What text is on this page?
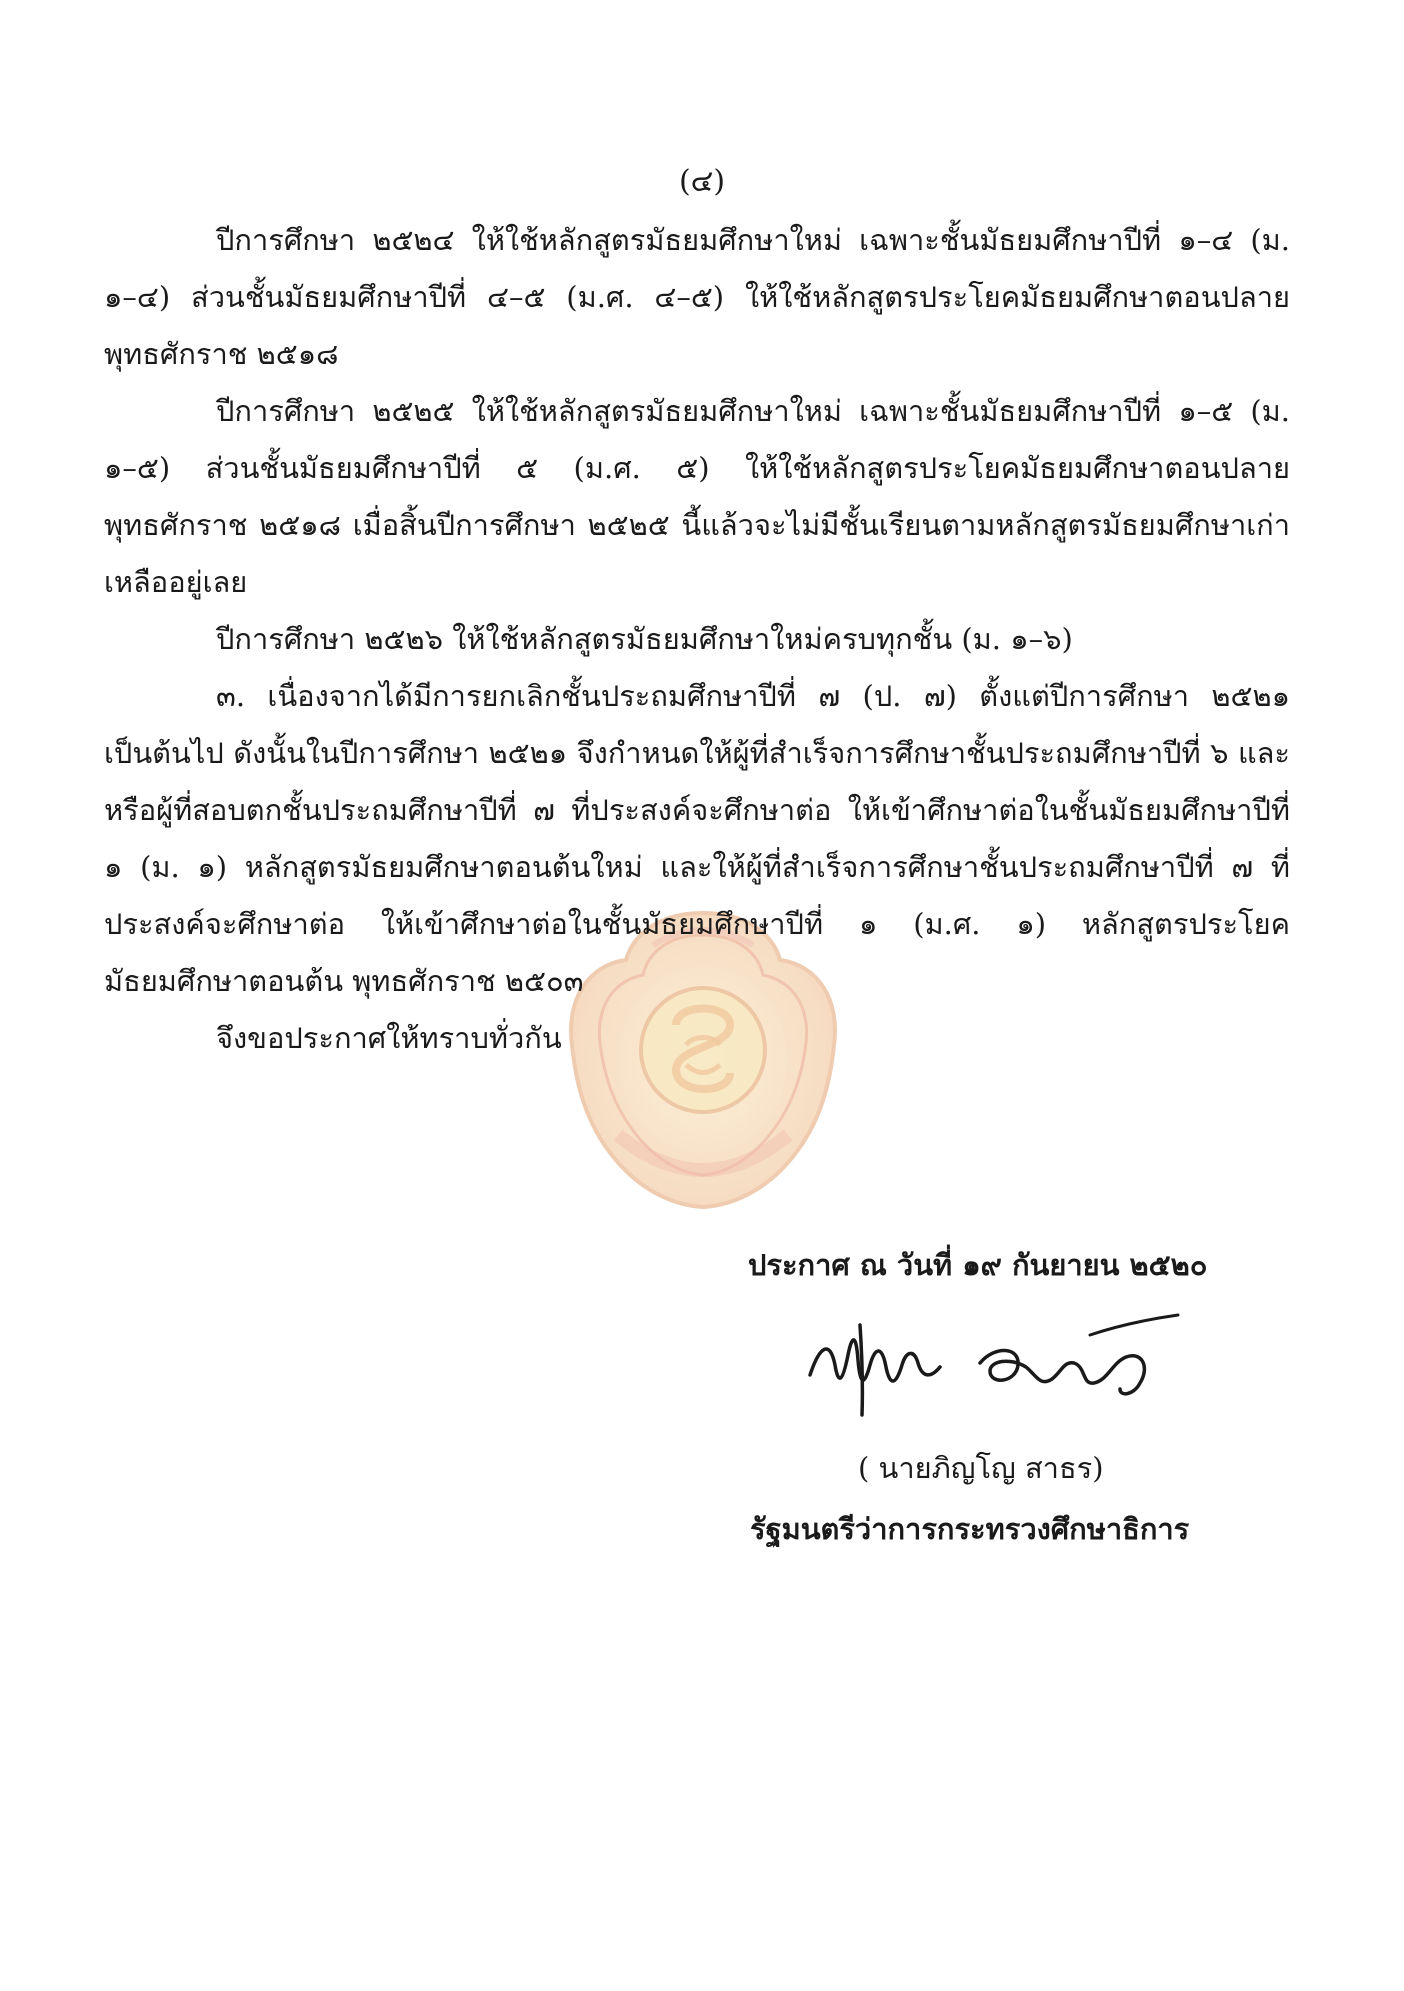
(๔)

ปีการศึกษา ๒๕๒๔ ให้ใช้หลักสูตรมัธยมศึกษาใหม่ เฉพาะชั้นมัธยมศึกษาปีที่ ๑–๔ (ม. ๑–๔) ส่วนชั้นมัธยมศึกษาปีที่ ๔–๕ (ม.ศ. ๔–๕) ให้ใช้หลักสูตรประโยคมัธยมศึกษาตอนปลาย พุทธศักราช ๒๕๑๘

ปีการศึกษา ๒๕๒๕ ให้ใช้หลักสูตรมัธยมศึกษาใหม่ เฉพาะชั้นมัธยมศึกษาปีที่ ๑–๕ (ม. ๑–๕) ส่วนชั้นมัธยมศึกษาปีที่ ๕ (ม.ศ. ๕) ให้ใช้หลักสูตรประโยคมัธยมศึกษาตอนปลาย พุทธศักราช ๒๕๑๘ เมื่อสิ้นปีการศึกษา ๒๕๒๕ นี้แล้วจะไม่มีชั้นเรียนตามหลักสูตรมัธยมศึกษาเก่าเหลืออยู่เลย

ปีการศึกษา ๒๕๒๖ ให้ใช้หลักสูตรมัธยมศึกษาใหม่ครบทุกชั้น (ม. ๑–๖)

๓. เนื่องจากได้มีการยกเลิกชั้นประถมศึกษาปีที่ ๗ (ป. ๗) ตั้งแต่ปีการศึกษา ๒๕๒๑ เป็นต้นไป ดังนั้นในปีการศึกษา ๒๕๒๑ จึงกำหนดให้ผู้ที่สำเร็จการศึกษาชั้นประถมศึกษาปีที่ ๖ และหรือผู้ที่สอบตกชั้นประถมศึกษาปีที่ ๗ ที่ประสงค์จะศึกษาต่อ ให้เข้าศึกษาต่อในชั้นมัธยมศึกษาปีที่ ๑ (ม. ๑) หลักสูตรมัธยมศึกษาตอนต้นใหม่ และให้ผู้ที่สำเร็จการศึกษาชั้นประถมศึกษาปีที่ ๗ ที่ประสงค์จะศึกษาต่อ ให้เข้าศึกษาต่อในชั้นมัธยมศึกษาปีที่ ๑ (ม.ศ. ๑) หลักสูตรประโยคมัธยมศึกษาตอนต้น พุทธศักราช ๒๕๐๓

จึงขอประกาศให้ทราบทั่วกัน

ประกาศ ณ วันที่ ๑๙ กันยายน ๒๕๒๐
( นายภิญโญ สาธร)
รัฐมนตรีว่าการกระทรวงศึกษาธิการ
